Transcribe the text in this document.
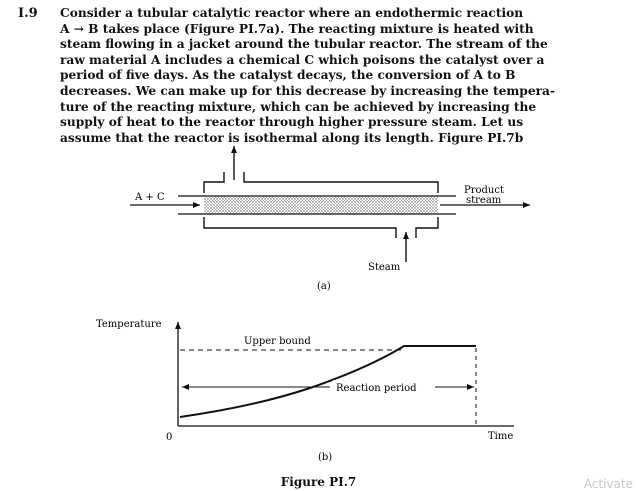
I.9 Consider a tubular catalytic reactor where an endothermic reaction
A → B takes place (Figure PI.7a). The reacting mixture is heated with
steam flowing in a jacket around the tubular reactor. The stream of the
raw material A includes a chemical C which poisons the catalyst over a
period of five days. As the catalyst decays, the conversion of A to B
decreases. We can make up for this decrease by increasing the tempera-
ture of the reacting mixture, which can be achieved by increasing the
supply of heat to the reactor through higher pressure steam. Let us
assume that the reactor is isothermal along its length. Figure PI.7b
A + C
Product
stream
Steam
(a)
Reaction period
Upper bound
Temperature
0	Time
(b)
Figure PI.7	Activate
